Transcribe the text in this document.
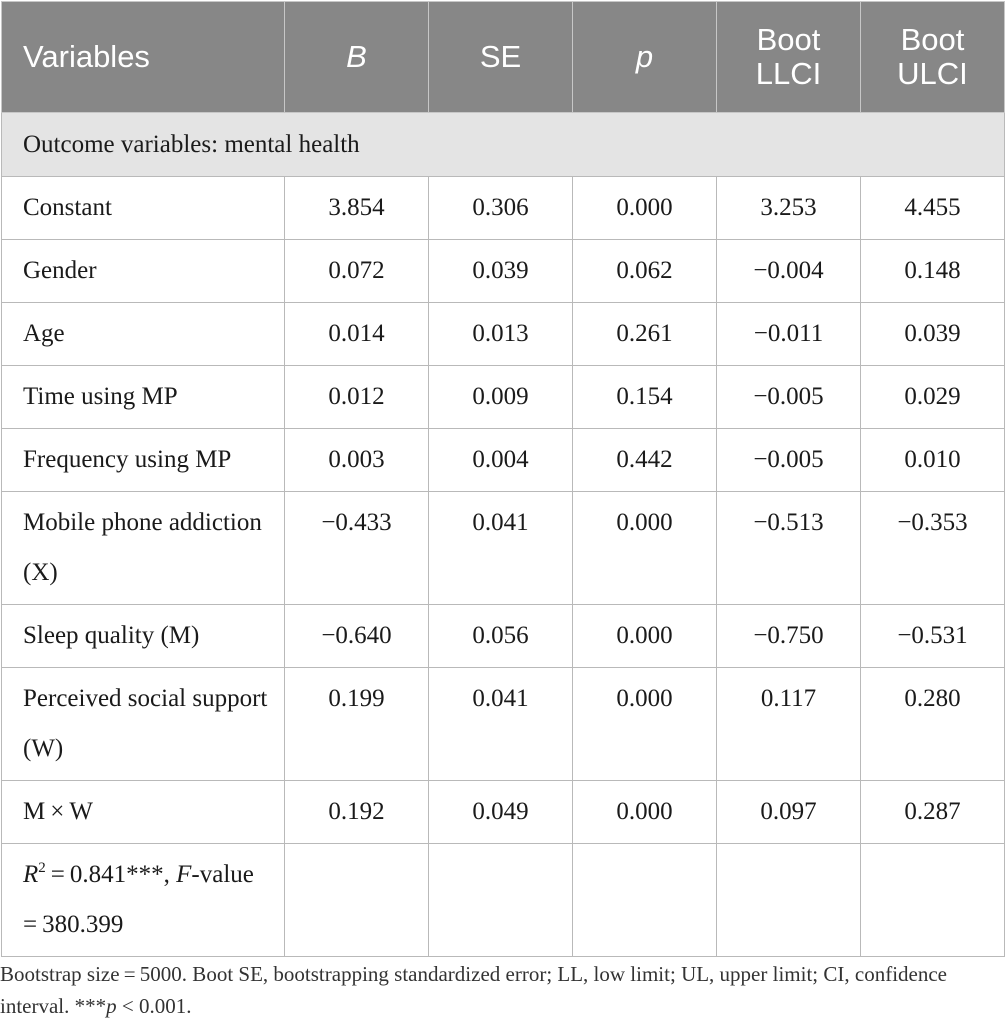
Variables	B	SE	p	Boot LLCI	Boot ULCI
Outcome variables: mental health					
Constant	3.854	0.306	0.000	3.253	4.455
Gender	0.072	0.039	0.062	−0.004	0.148
Age	0.014	0.013	0.261	−0.011	0.039
Time using MP	0.012	0.009	0.154	−0.005	0.029
Frequency using MP	0.003	0.004	0.442	−0.005	0.010
Mobile phone addiction (X)	−0.433	0.041	0.000	−0.513	−0.353
Sleep quality (M)	−0.640	0.056	0.000	−0.750	−0.531
Perceived social support (W)	0.199	0.041	0.000	0.117	0.280
M × W	0.192	0.049	0.000	0.097	0.287
$R^2 = 0.841***$, F-value = 380.399					
Bootstrap size = 5000. Boot SE, bootstrapping standardized error; LL, low limit; UL, upper limit; CI, confidence interval. ***p < 0.001.
